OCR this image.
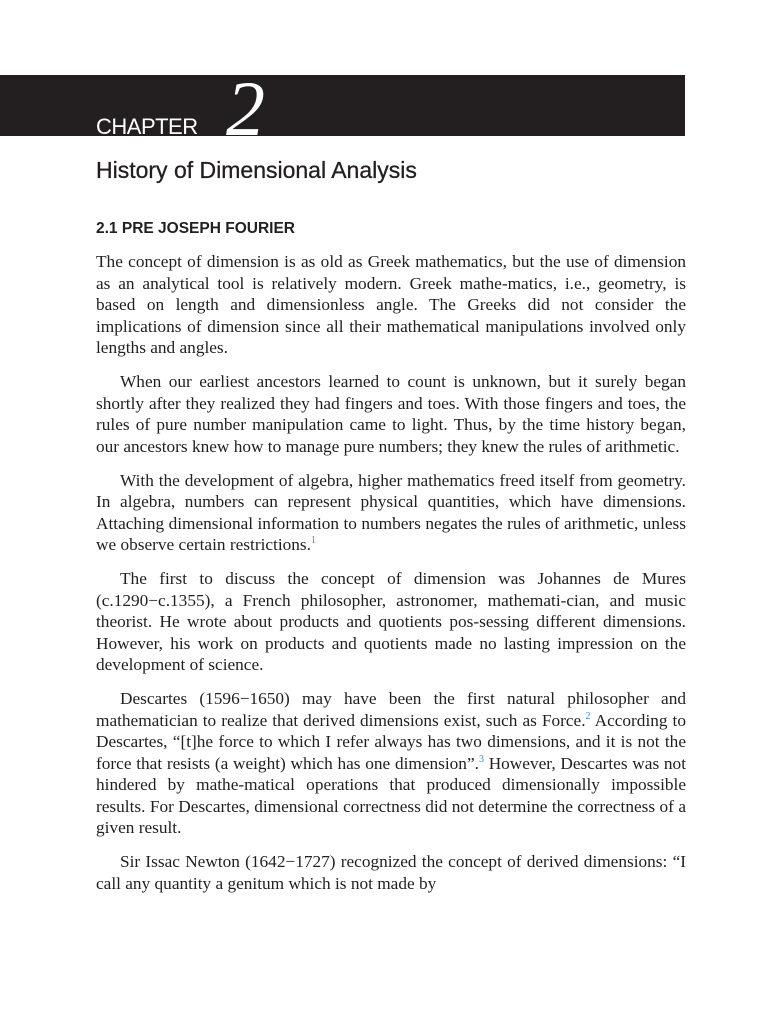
CHAPTER 2
History of Dimensional Analysis
2.1 PRE JOSEPH FOURIER

The concept of dimension is as old as Greek mathematics, but the use of dimension as an analytical tool is relatively modern. Greek mathe-matics, i.e., geometry, is based on length and dimensionless angle. The Greeks did not consider the implications of dimension since all their mathematical manipulations involved only lengths and angles.

When our earliest ancestors learned to count is unknown, but it surely began shortly after they realized they had fingers and toes. With those fingers and toes, the rules of pure number manipulation came to light. Thus, by the time history began, our ancestors knew how to manage pure numbers; they knew the rules of arithmetic.

With the development of algebra, higher mathematics freed itself from geometry. In algebra, numbers can represent physical quantities, which have dimensions. Attaching dimensional information to numbers negates the rules of arithmetic, unless we observe certain restrictions.$^1$

The first to discuss the concept of dimension was Johannes de Mures (c.1290−c.1355), a French philosopher, astronomer, mathemati-cian, and music theorist. He wrote about products and quotients pos-sessing different dimensions. However, his work on products and quotients made no lasting impression on the development of science.

Descartes (1596−1650) may have been the first natural philosopher and mathematician to realize that derived dimensions exist, such as Force.$^2$ According to Descartes, “[t]he force to which I refer always has two dimensions, and it is not the force that resists (a weight) which has one dimension”.$^3$ However, Descartes was not hindered by mathe-matical operations that produced dimensionally impossible results. For Descartes, dimensional correctness did not determine the correctness of a given result.

Sir Issac Newton (1642−1727) recognized the concept of derived dimensions: “I call any quantity a genitum which is not made by
